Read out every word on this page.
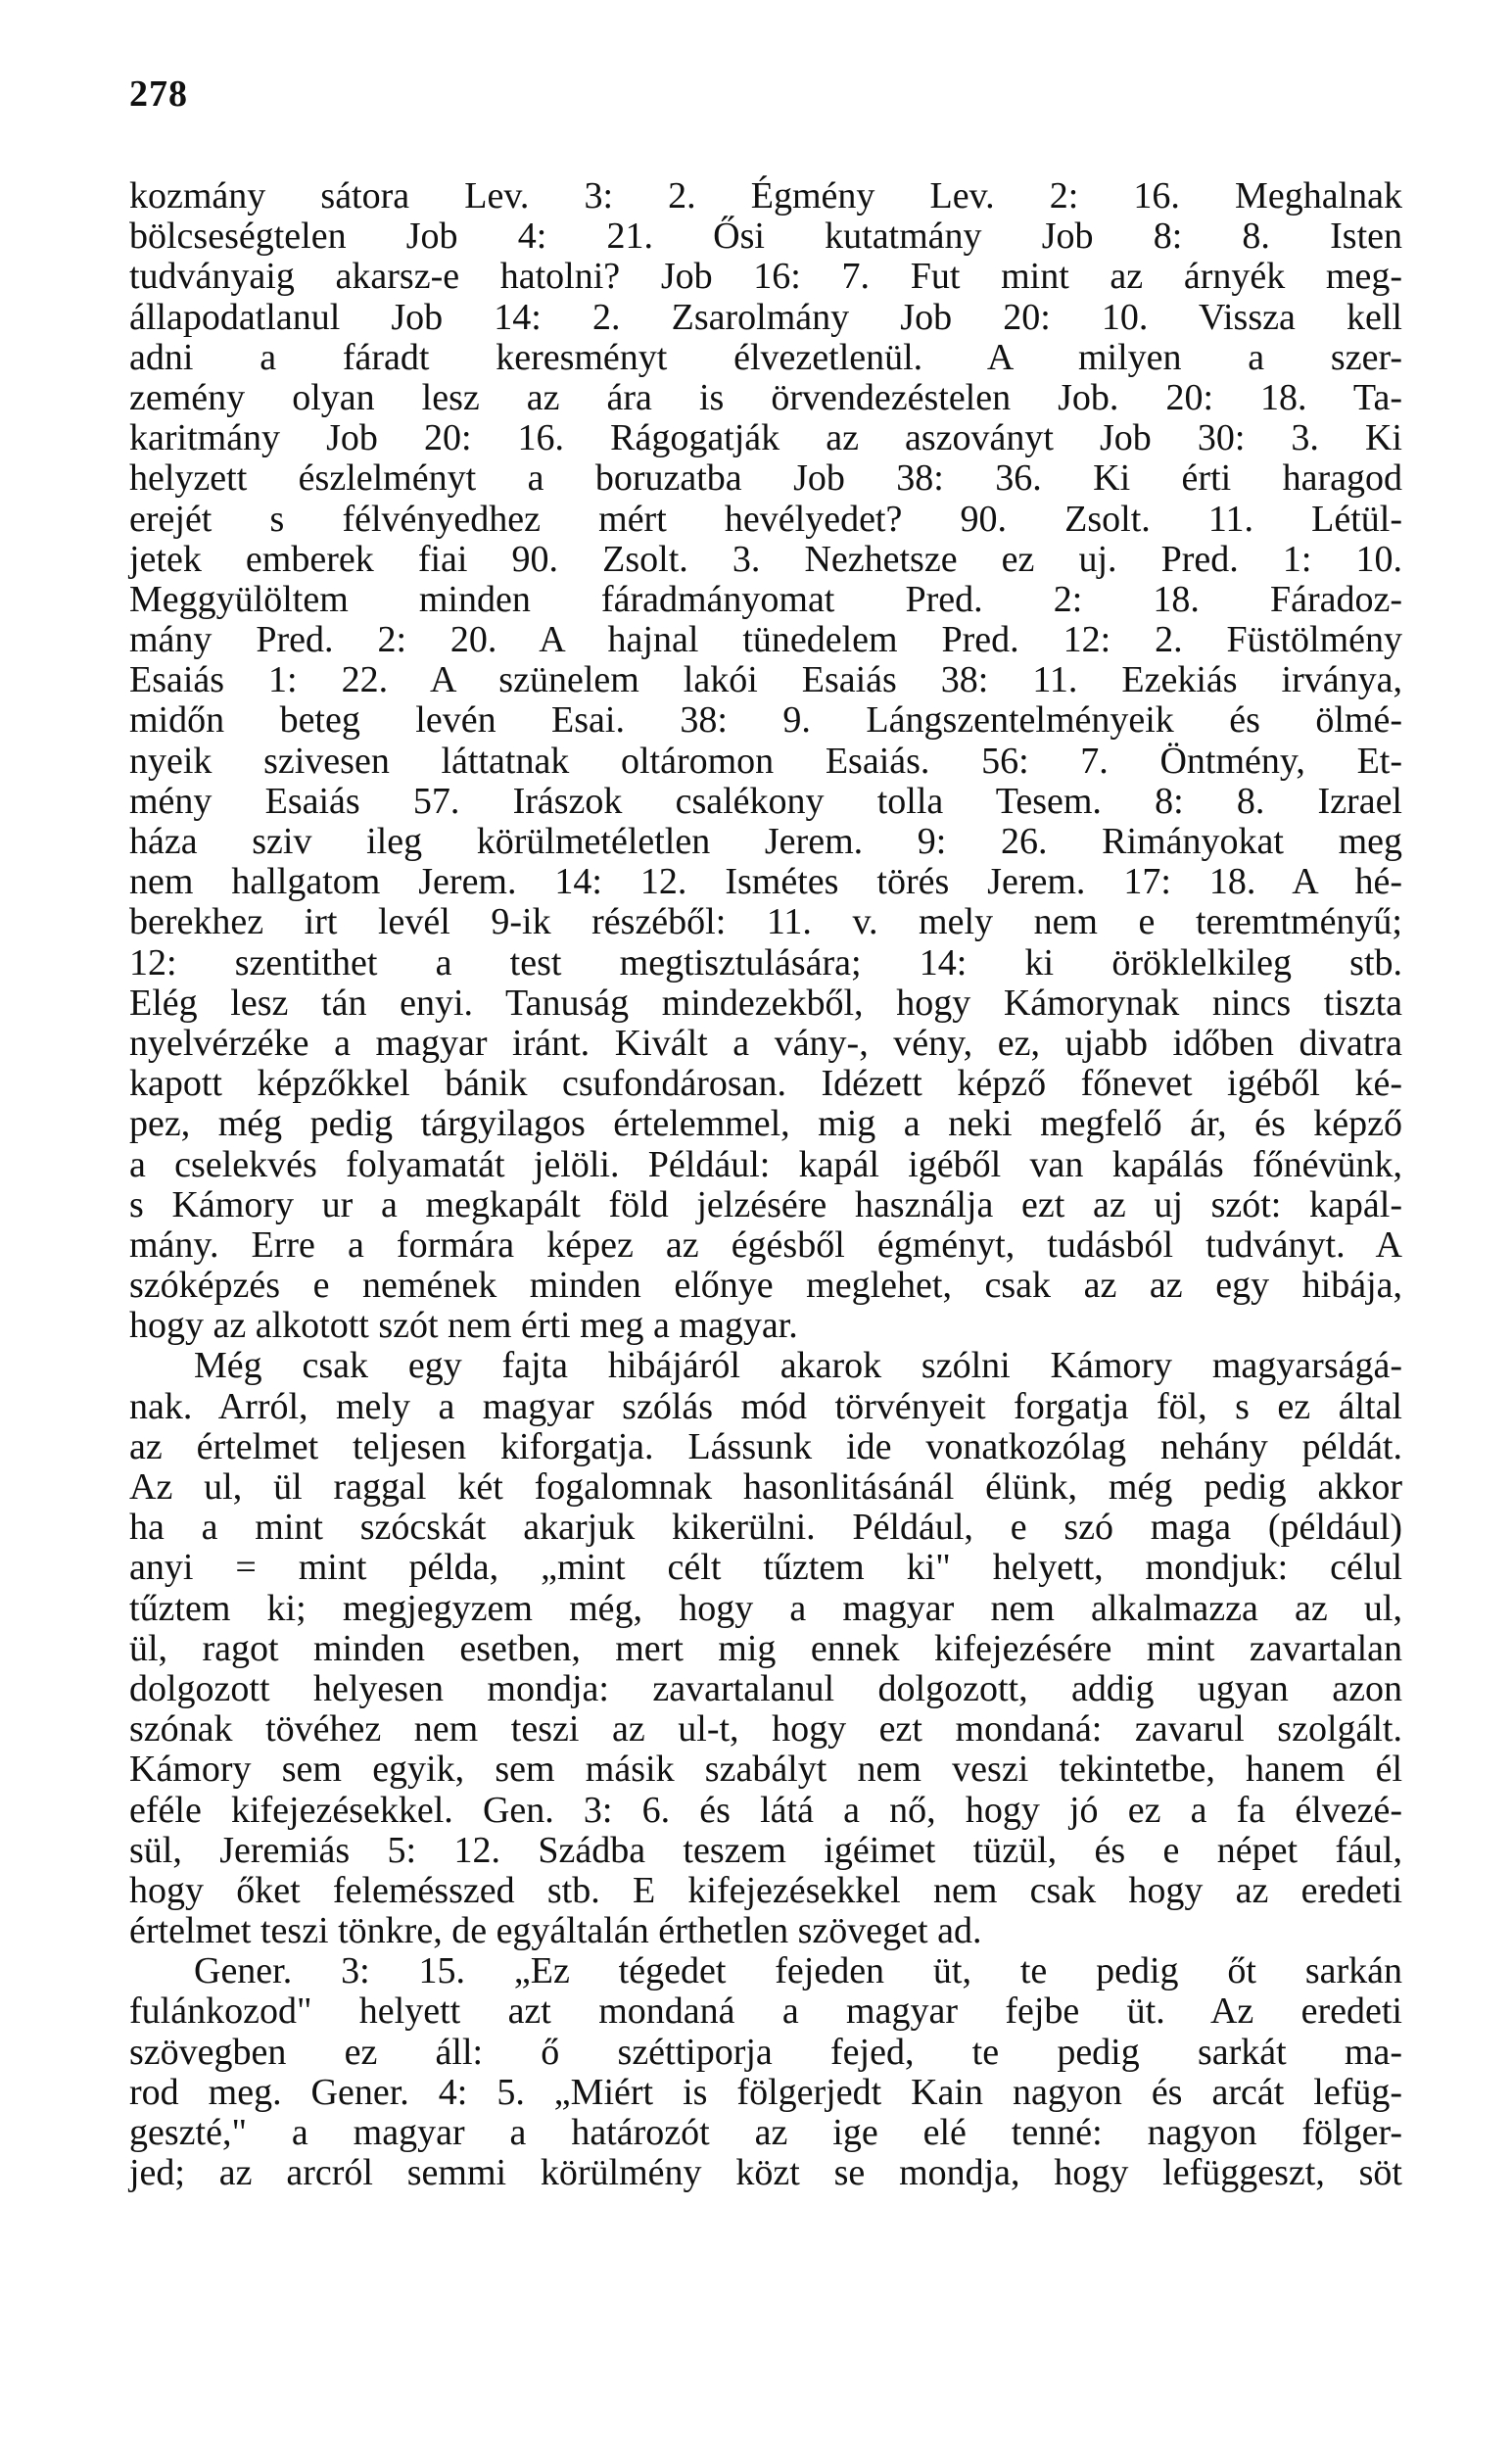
278
kozmány sátora Lev. 3: 2. Égmény Lev. 2: 16. Meghalnak
bölcseségtelen Job 4: 21. Ősi kutatmány Job 8: 8. Isten
tudványaig akarsz-e hatolni? Job 16: 7. Fut mint az árnyék meg-
állapodatlanul Job 14: 2. Zsarolmány Job 20: 10. Vissza kell
adni a fáradt keresményt élvezetlenül. A milyen a szer-
zemény olyan lesz az ára is örvendezéstelen Job. 20: 18. Ta-
karitmány Job 20: 16. Rágogatják az aszoványt Job 30: 3. Ki
helyzett észlelményt a boruzatba Job 38: 36. Ki érti haragod
erejét s félvényedhez mért hevélyedet? 90. Zsolt. 11. Létül-
jetek emberek fiai 90. Zsolt. 3. Nezhetsze ez uj. Pred. 1: 10.
Meggyülöltem minden fáradmányomat Pred. 2: 18. Fáradoz-
mány Pred. 2: 20. A hajnal tünedelem Pred. 12: 2. Füstölmény
Esaiás 1: 22. A szünelem lakói Esaiás 38: 11. Ezekiás irványa,
midőn beteg levén Esai. 38: 9. Lángszentelményeik és ölmé-
nyeik szivesen láttatnak oltáromon Esaiás. 56: 7. Öntmény, Et-
mény Esaiás 57. Irászok csalékony tolla Tesem. 8: 8. Izrael
háza sziv ileg körülmetéletlen Jerem. 9: 26. Rimányokat meg
nem hallgatom Jerem. 14: 12. Ismétes törés Jerem. 17: 18. A hé-
berekhez irt levél 9-ik részéből: 11. v. mely nem e teremtményű;
12: szentithet a test megtisztulására; 14: ki öröklelkileg stb.
Elég lesz tán enyi. Tanuság mindezekből, hogy Kámorynak nincs tiszta
nyelvérzéke a magyar iránt. Kivált a vány-, vény, ez, ujabb időben divatra
kapott képzőkkel bánik csufondárosan. Idézett képző főnevet igéből ké-
pez, még pedig tárgyilagos értelemmel, mig a neki megfelő ár, és képző
a cselekvés folyamatát jelöli. Például: kapál igéből van kapálás főnévünk,
s Kámory ur a megkapált föld jelzésére használja ezt az uj szót: kapál-
mány. Erre a formára képez az égésből égményt, tudásból tudványt. A
szóképzés e nemének minden előnye meglehet, csak az az egy hibája,
hogy az alkotott szót nem érti meg a magyar.
Még csak egy fajta hibájáról akarok szólni Kámory magyarságá-
nak. Arról, mely a magyar szólás mód törvényeit forgatja föl, s ez által
az értelmet teljesen kiforgatja. Lássunk ide vonatkozólag nehány példát.
Az ul, ül raggal két fogalomnak hasonlitásánál élünk, még pedig akkor
ha a mint szócskát akarjuk kikerülni. Például, e szó maga (például)
anyi = mint példa, „mint célt tűztem ki" helyett, mondjuk: célul
tűztem ki; megjegyzem még, hogy a magyar nem alkalmazza az ul,
ül, ragot minden esetben, mert mig ennek kifejezésére mint zavartalan
dolgozott helyesen mondja: zavartalanul dolgozott, addig ugyan azon
szónak tövéhez nem teszi az ul-t, hogy ezt mondaná: zavarul szolgált.
Kámory sem egyik, sem másik szabályt nem veszi tekintetbe, hanem él
eféle kifejezésekkel. Gen. 3: 6. és látá a nő, hogy jó ez a fa élvezé-
sül, Jeremiás 5: 12. Szádba teszem igéimet tüzül, és e népet fául,
hogy őket felemésszed stb. E kifejezésekkel nem csak hogy az eredeti
értelmet teszi tönkre, de egyáltalán érthetlen szöveget ad.
Gener. 3: 15. „Ez tégedet fejeden üt, te pedig őt sarkán
fulánkozod" helyett azt mondaná a magyar fejbe üt. Az eredeti
szövegben ez áll: ő széttiporja fejed, te pedig sarkát ma-
rod meg. Gener. 4: 5. „Miért is fölgerjedt Kain nagyon és arcát lefüg-
geszté," a magyar a határozót az ige elé tenné: nagyon fölger-
jed; az arcról semmi körülmény közt se mondja, hogy lefüggeszt, söt
